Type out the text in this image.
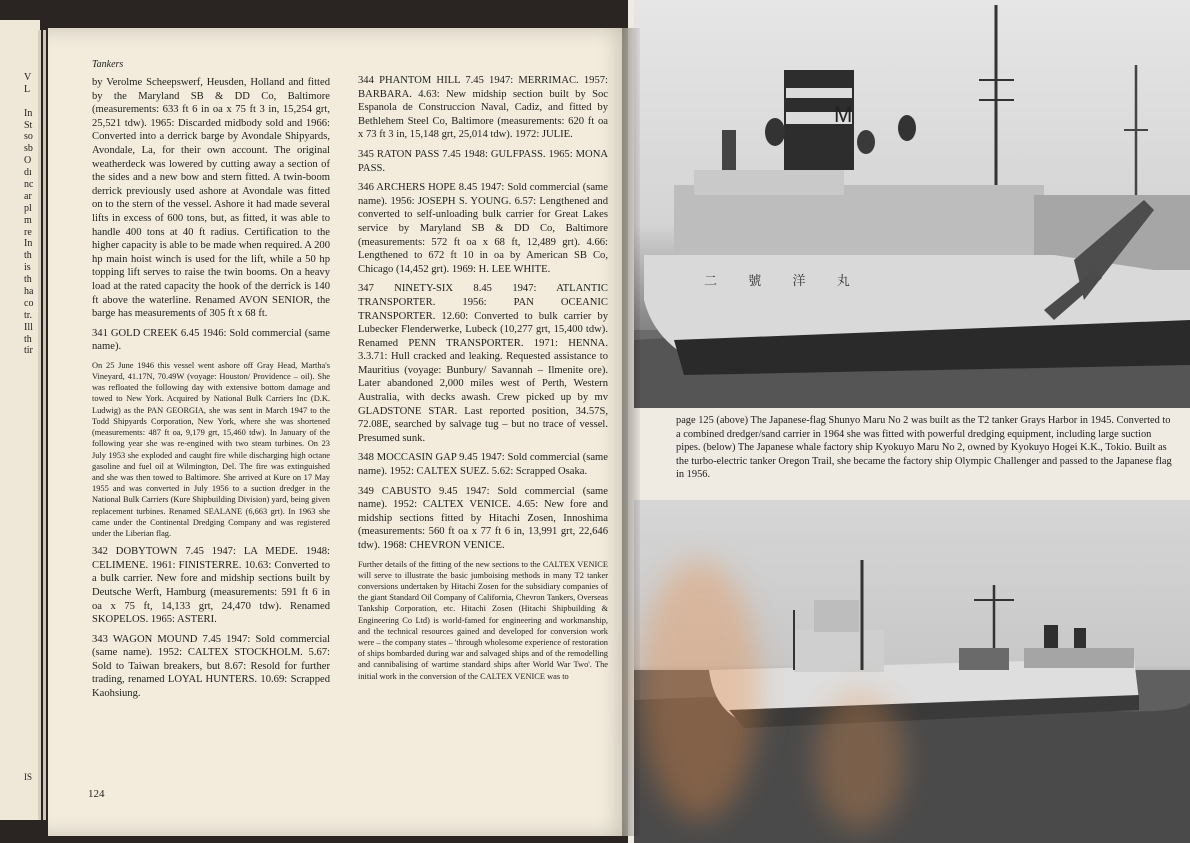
V
L
In
St
so
sb
O
dı
nc
ar
pl
m
re
In
th
is
th
ha
co
tr.
Ill
th
tir
IS
Tankers

by Verolme Scheepswerf, Heusden, Holland and fitted by the Maryland SB & DD Co, Baltimore (measurements: 633 ft 6 in oa x 75 ft 3 in, 15,254 grt, 25,521 tdw). 1965: Discarded midbody sold and 1966: Converted into a derrick barge by Avondale Shipyards, Avondale, La, for their own account. The original weatherdeck was lowered by cutting away a section of the sides and a new bow and stern fitted. A twin-boom derrick previously used ashore at Avondale was fitted on to the stern of the vessel. Ashore it had made several lifts in excess of 600 tons, but, as fitted, it was able to handle 400 tons at 40 ft radius. Certification to the higher capacity is able to be made when required. A 200 hp main hoist winch is used for the lift, while a 50 hp topping lift serves to raise the twin booms. On a heavy load at the rated capacity the hook of the derrick is 140 ft above the waterline. Renamed AVON SENIOR, the barge has measurements of 305 ft x 68 ft.

341 GOLD CREEK 6.45 1946: Sold commercial (same name).

On 25 June 1946 this vessel went ashore off Gray Head, Martha's Vineyard, 41.17N, 70.49W (voyage: Houston/ Providence – oil). She was refloated the following day with extensive bottom damage and towed to New York. Acquired by National Bulk Carriers Inc (D.K. Ludwig) as the PAN GEORGIA, she was sent in March 1947 to the Todd Shipyards Corporation, New York, where she was shortened (measurements: 487 ft oa, 9,179 grt, 15,460 tdw). In January of the following year she was re-engined with two steam turbines. On 23 July 1953 she exploded and caught fire while discharging high octane gasoline and fuel oil at Wilmington, Del. The fire was extinguished and she was then towed to Baltimore. She arrived at Kure on 17 May 1955 and was converted in July 1956 to a suction dredger in the National Bulk Carriers (Kure Shipbuilding Division) yard, being given replacement turbines. Renamed SEALANE (6,663 grt). In 1963 she came under the Continental Dredging Company and was registered under the Liberian flag.

342 DOBYTOWN 7.45 1947: LA MEDE. 1948: CELIMENE. 1961: FINISTERRE. 10.63: Converted to a bulk carrier. New fore and midship sections built by Deutsche Werft, Hamburg (measurements: 591 ft 6 in oa x 75 ft, 14,133 grt, 24,470 tdw). Renamed SKOPELOS. 1965: ASTERI.

343 WAGON MOUND 7.45 1947: Sold commercial (same name). 1952: CALTEX STOCKHOLM. 5.67: Sold to Taiwan breakers, but 8.67: Resold for further trading, renamed LOYAL HUNTERS. 10.69: Scrapped Kaohsiung.

344 PHANTOM HILL 7.45 1947: MERRIMAC. 1957: BARBARA. 4.63: New midship section built by Soc Espanola de Construccion Naval, Cadiz, and fitted by Bethlehem Steel Co, Baltimore (measurements: 620 ft oa x 73 ft 3 in, 15,148 grt, 25,014 tdw). 1972: JULIE.

345 RATON PASS 7.45 1948: GULFPASS. 1965: MONA PASS.

346 ARCHERS HOPE 8.45 1947: Sold commercial (same name). 1956: JOSEPH S. YOUNG. 6.57: Lengthened and converted to self-unloading bulk carrier for Great Lakes service by Maryland SB & DD Co, Baltimore (measurements: 572 ft oa x 68 ft, 12,489 grt). 4.66: Lengthened to 672 ft 10 in oa by American SB Co, Chicago (14,452 grt). 1969: H. LEE WHITE.

347 NINETY-SIX 8.45 1947: ATLANTIC TRANSPORTER. 1956: PAN OCEANIC TRANSPORTER. 12.60: Converted to bulk carrier by Lubecker Flenderwerke, Lubeck (10,277 grt, 15,400 tdw). Renamed PENN TRANSPORTER. 1971: HENNA. 3.3.71: Hull cracked and leaking. Requested assistance to Mauritius (voyage: Bunbury/ Savannah – Ilmenite ore). Later abandoned 2,000 miles west of Perth, Western Australia, with decks awash. Crew picked up by mv GLADSTONE STAR. Last reported position, 34.57S, 72.08E, searched by salvage tug – but no trace of vessel. Presumed sunk.

348 MOCCASIN GAP 9.45 1947: Sold commercial (same name). 1952: CALTEX SUEZ. 5.62: Scrapped Osaka.

349 CABUSTO 9.45 1947: Sold commercial (same name). 1952: CALTEX VENICE. 4.65: New fore and midship sections fitted by Hitachi Zosen, Innoshima (measurements: 560 ft oa x 77 ft 6 in, 13,991 grt, 22,646 tdw). 1968: CHEVRON VENICE.

Further details of the fitting of the new sections to the CALTEX VENICE will serve to illustrate the basic jumboising methods in many T2 tanker conversions undertaken by Hitachi Zosen for the subsidiary companies of the giant Standard Oil Company of California, Chevron Tankers, Overseas Tankship Corporation, etc. Hitachi Zosen (Hitachi Shipbuilding & Engineering Co Ltd) is world-famed for engineering and workmanship, and the technical resources gained and developed for conversion work were – the company states – 'through wholesome experience of restoration of ships bombarded during war and salvaged ships and of the remodelling and cannibalising of wartime standard ships after World War Two'. The initial work in the conversion of the CALTEX VENICE was to

124
M
二 號 洋 丸
page 125 (above) The Japanese-flag Shunyo Maru No 2 was built as the T2 tanker Grays Harbor in 1945. Converted to a combined dredger/sand carrier in 1964 she was fitted with powerful dredging equipment, including large suction pipes. (below) The Japanese whale factory ship Kyokuyo Maru No 2, owned by Kyokuyo Hogei K.K., Tokio. Built as the turbo-electric tanker Oregon Trail, she became the factory ship Olympic Challenger and passed to the Japanese flag in 1956.
